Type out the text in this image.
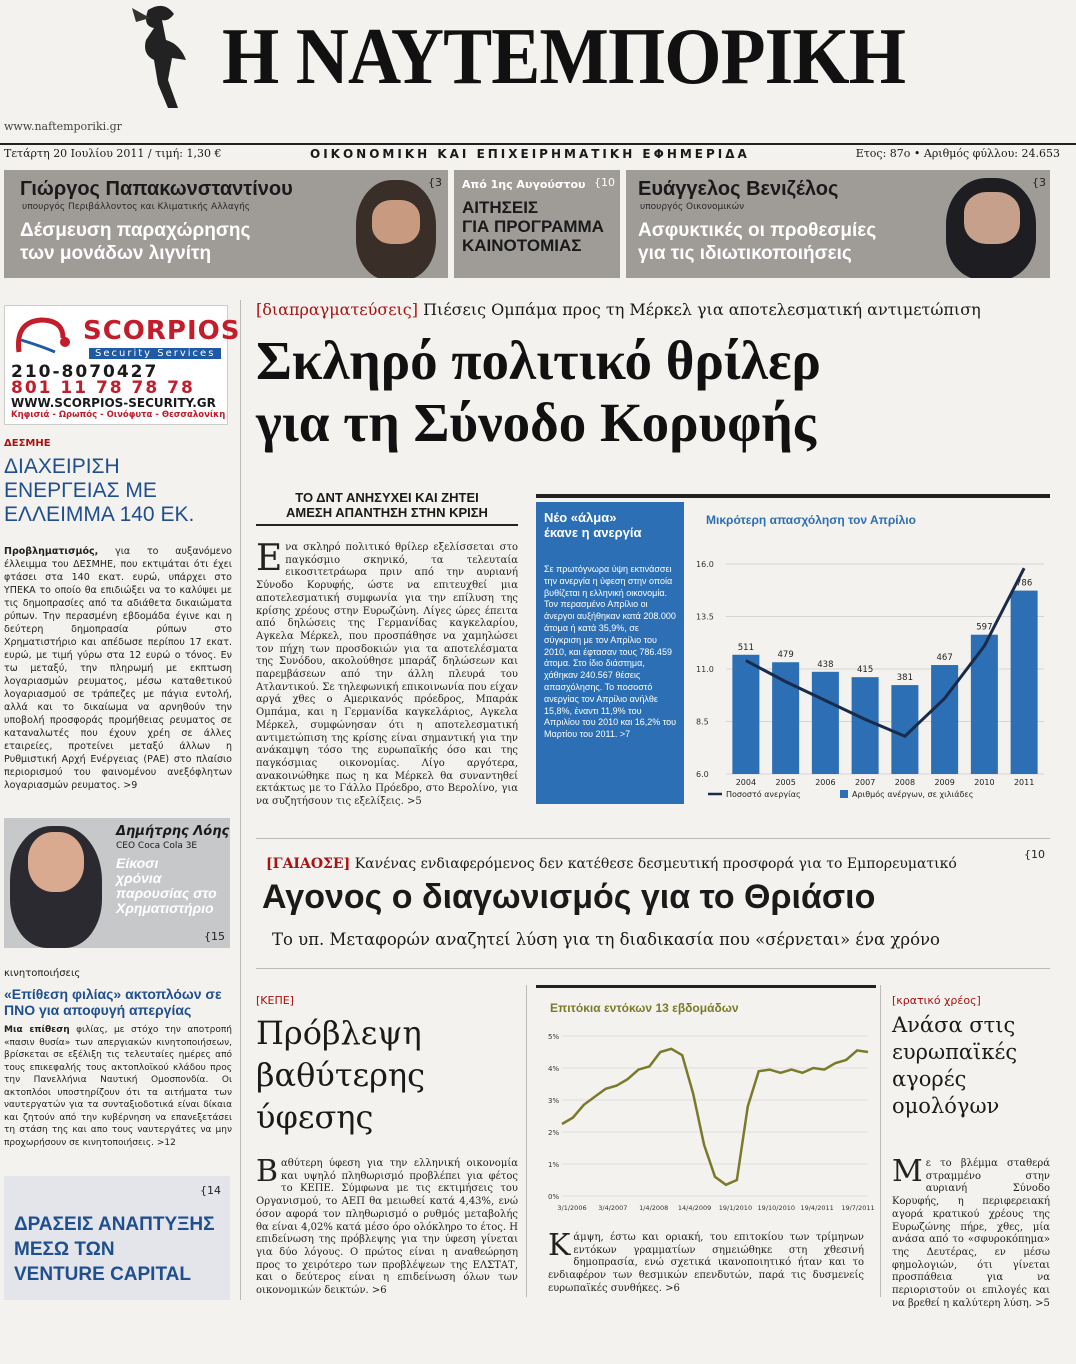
Η ΝΑΥΤΕΜΠΟΡΙΚΗ
www.naftemporiki.gr
Τετάρτη 20 Ιουλίου 2011 / τιμή: 1,30 €	ΟΙΚΟΝΟΜΙΚΗ ΚΑΙ ΕΠΙΧΕΙΡΗΜΑΤΙΚΗ ΕΦΗΜΕΡΙΔΑ	Ετος: 87ο • Αριθμός φύλλου: 24.653
Γιώργος Παπακωνσταντίνου
υπουργός Περιβάλλοντος και Κλιματικής Αλλαγής
Δέσμευση παραχώρησης
των μονάδων λιγνίτη
{3 Από 1ης Αυγούστου
ΑΙΤΗΣΕΙΣ
ΓΙΑ ΠΡΟΓΡΑΜΜΑ
ΚΑΙΝΟΤΟΜΙΑΣ
{10 Ευάγγελος Βενιζέλος
υπουργός Οικονομικών
Ασφυκτικές οι προθεσμίες
για τις ιδιωτικοποιήσεις
{3
SCORPIOS
Security Services
210-8070427
801 11 78 78 78
WWW.SCORPIOS-SECURITY.GR
Κηφισιά - Ωρωπός - Οινόφυτα - Θεσσαλονίκη
ΔΕΣΜΗΕ
ΔΙΑΧΕΙΡΙΣΗ
ΕΝΕΡΓΕΙΑΣ ΜΕ
ΕΛΛΕΙΜΜΑ 140 ΕΚ.
Προβληματισμός, για το αυξανόμενο έλλειμμα του ΔΕΣΜΗΕ, που εκτιμάται ότι έχει φτάσει στα 140 εκατ. ευρώ, υπάρχει στο ΥΠΕΚΑ το οποίο θα επιδιώξει να το καλύψει με τις δημοπρασίες από τα αδιάθετα δικαιώματα ρύπων. Την περασμένη εβδομάδα έγινε και η δεύτερη δημοπρασία ρύπων στο Χρηματιστήριο και απέδωσε περίπου 17 εκατ. ευρώ, με τιμή γύρω στα 12 ευρώ ο τόνος. Εν τω μεταξύ, την πληρωμή με εκπτωση λογαριασμών ρευματος, μέσω καταθετικού λογαριασμού σε τράπεζες με πάγια εντολή, αλλά και το δικαίωμα να αρνηθούν την υποβολή προσφοράς προμήθειας ρευματος σε καταναλωτές που έχουν χρέη σε άλλες εταιρείες, προτείνει μεταξύ άλλων η Ρυθμιστική Αρχή Ενέργειας (ΡΑΕ) στο πλαίσιο περιορισμού του φαινομένου ανεξόφλητων λογαριασμών ρευματος. >9
Δημήτρης Λόης
CEO Coca Cola 3E
Είκοσι
χρόνια
παρουσίας στο
Χρηματιστήριο
{15
κινητοποιήσεις
«Επίθεση φιλίας» ακτοπλόων σε ΠΝΟ για αποφυγή απεργίας
Μια επίθεση φιλίας, με στόχο την αποτροπή «πασιν θυσία» των απεργιακών κινητοποιήσεων, βρίσκεται σε εξέλιξη τις τελευταίες ημέρες από τους επικεφαλής τους ακτοπλοϊκού κλάδου προς την Πανελλήνια Ναυτική Ομοσπονδία. Οι ακτοπλόοι υποστηρίζουν ότι τα αιτήματα των ναυτεργατών για τα συνταξιοδοτικά είναι δίκαια και ζητούν από την κυβέρνηση να επανεξετάσει τη στάση της και απο τους ναυτεργάτες να μην προχωρήσουν σε κινητοποιήσεις. >12
{14
ΔΡΑΣΕΙΣ ΑΝΑΠΤΥΞΗΣ
ΜΕΣΩ ΤΩΝ
VENTURE CAPITAL
[διαπραγματεύσεις] Πιέσεις Ομπάμα προς τη Μέρκελ για αποτελεσματική αντιμετώπιση
Σκληρό πολιτικό θρίλερ
για τη Σύνοδο Κορυφής
ΤΟ ΔΝΤ ΑΝΗΣΥΧΕΙ ΚΑΙ ΖΗΤΕΙ
ΑΜΕΣΗ ΑΠΑΝΤΗΣΗ ΣΤΗΝ ΚΡΙΣΗ
Ε να σκληρό πολιτικό θρίλερ εξελίσσεται στο παγκόσμιο σκηνικό, τα τελευταία εικοσιτετράωρα πριν από την αυριανή Σύνοδο Κορυφής, ώστε να επιτευχθεί μια αποτελεσματική συμφωνία για την επίλυση της κρίσης χρέους στην Ευρωζώνη. Λίγες ώρες έπειτα από δηλώσεις της Γερμανίδας καγκελαρίου, Αγκελα Μέρκελ, που προσπάθησε να χαμηλώσει τον πήχη των προσδοκιών για τα αποτελέσματα της Συνόδου, ακολούθησε μπαράζ δηλώσεων και παρεμβάσεων από την άλλη πλευρά του Ατλαντικού. Σε τηλεφωνική επικοινωνία που είχαν αργά χθες ο Αμερικανός πρόεδρος, Μπαράκ Ομπάμα, και η Γερμανίδα καγκελάριος, Αγκελα Μέρκελ, συμφώνησαν ότι η αποτελεσματική αντιμετώπιση της κρίσης είναι σημαντική για την ανάκαμψη τόσο της ευρωπαϊκής όσο και της παγκόσμιας οικονομίας. Λίγο αργότερα, ανακοινώθηκε πως η κα Μέρκελ θα συναντηθεί εκτάκτως με το Γάλλο Πρόεδρο, στο Βερολίνο, για να συζητήσουν τις εξελίξεις. >5
Νέο «άλμα» έκανε η ανεργία
Σε πρωτόγνωρα ύψη εκτινάσσει την ανεργία η ύφεση στην οποία βυθίζεται η ελληνική οικονομία. Τον περασμένο Απρίλιο οι άνεργοι αυξήθηκαν κατά 208.000 άτομα ή κατά 35,9%, σε σύγκριση με τον Απρίλιο του 2010, και έφτασαν τους 786.459 άτομα. Στο ίδιο διάστημα, χάθηκαν 240.567 θέσεις απασχόλησης. Το ποσοστό ανεργίας τον Απρίλιο ανήλθε 15,8%, έναντι 11,9% του Απριλίου του 2010 και 16,2% του Μαρτίου του 2011. >7
Μικρότερη απασχόληση τον Απρίλιο
16.0
13.5
11.0
8.5
6.0
511
2004
479
2005
438
2006
415
2007
381
2008
467
2009
597
2010
786
2011
Ποσοστό ανεργίας	Αριθμός ανέργων, σε χιλιάδες
[ΓΑΙΑΟΣΕ] Κανένας ενδιαφερόμενος δεν κατέθεσε δεσμευτική προσφορά για το Εμπορευματικό
{10
Αγονος ο διαγωνισμός για το Θριάσιο
Το υπ. Μεταφορών αναζητεί λύση για τη διαδικασία που «σέρνεται» ένα χρόνο
[ΚΕΠΕ]
Πρόβλεψη
βαθύτερης
ύφεσης
Β αθύτερη ύφεση για την ελληνική οικονομία και υψηλό πληθωρισμό προβλέπει για φέτος το ΚΕΠΕ. Σύμφωνα με τις εκτιμήσεις του Οργανισμού, το ΑΕΠ θα μειωθεί κατά 4,43%, ενώ όσον αφορά τον πληθωρισμό ο ρυθμός μεταβολής θα είναι 4,02% κατά μέσο όρο ολόκληρο το έτος. Η επιδείνωση της πρόβλεψης για την ύφεση γίνεται για δύο λόγους. Ο πρώτος είναι η αναθεώρηση προς το χειρότερο των προβλέψεων της ΕΛΣΤΑΤ, και ο δεύτερος είναι η επιδείνωση όλων των οικονομικών δεικτών. >6
Επιτόκια εντόκων 13 εβδομάδων
5%
4%
3%
2%
1%
0%
3/1/2006 3/4/2007 1/4/2008 14/4/2009 19/1/2010 19/10/2010 19/4/2011 19/7/2011
Κ άμψη, έστω και οριακή, του επιτοκίου των τρίμηνων εντόκων γραμματίων σημειώθηκε στη χθεσινή δημοπρασία, ενώ σχετικά ικανοποιητικό ήταν και το ενδιαφέρον των θεσμικών επενδυτών, παρά τις δυσμενείς ευρωπαϊκές συνθήκες. >6
[κρατικό χρέος]
Ανάσα στις
ευρωπαϊκές
αγορές
ομολόγων
Μ ε το βλέμμα σταθερά στραμμένο στην αυριανή Σύνοδο Κορυφής, η περιφερειακή αγορά κρατικού χρέους της Ευρωζώνης πήρε, χθες, μία ανάσα από το «σφυροκόπημα» της Δευτέρας, εν μέσω φημολογιών, ότι γίνεται προσπάθεια για να περιοριστούν οι επιλογές και να βρεθεί η καλύτερη λύση. >5
